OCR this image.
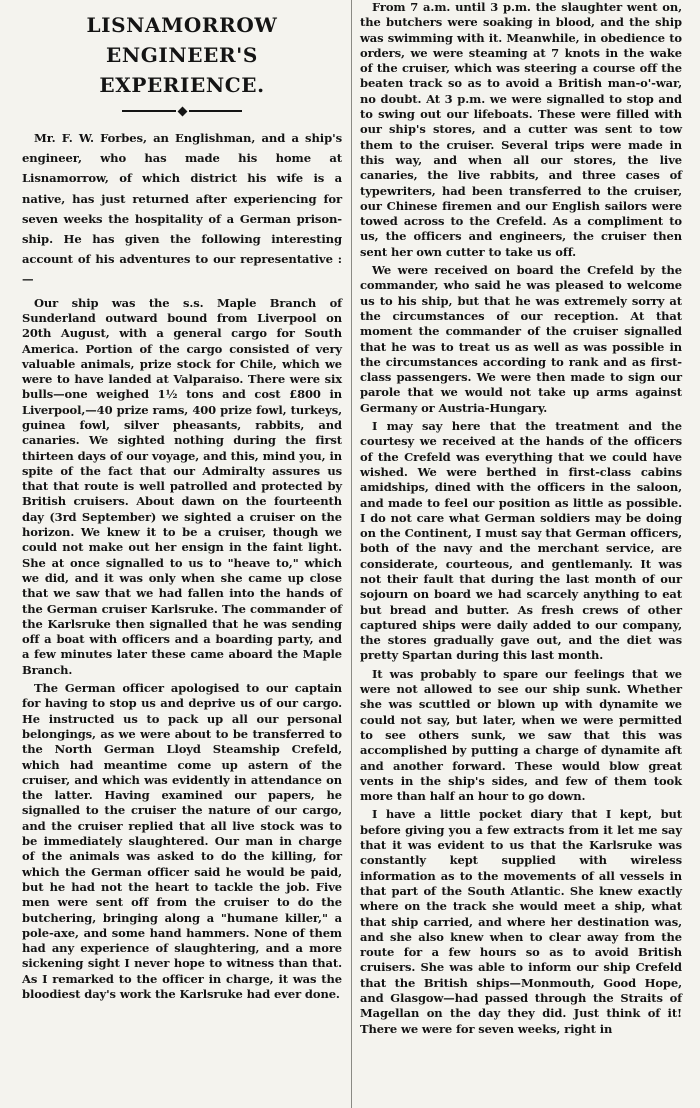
LISNAMORROW ENGINEER'S EXPERIENCE.

Mr. F. W. Forbes, an Englishman, and a ship's engineer, who has made his home at Lisnamorrow, of which district his wife is a native, has just returned after experiencing for seven weeks the hospitality of a German prison-ship. He has given the following interesting account of his adventures to our representative :—

Our ship was the s.s. Maple Branch of Sunderland outward bound from Liverpool on 20th August, with a general cargo for South America. Portion of the cargo consisted of very valuable animals, prize stock for Chile, which we were to have landed at Valparaiso. There were six bulls—one weighed 1½ tons and cost £800 in Liverpool,—40 prize rams, 400 prize fowl, turkeys, guinea fowl, silver pheasants, rabbits, and canaries. We sighted nothing during the first thirteen days of our voyage, and this, mind you, in spite of the fact that our Admiralty assures us that that route is well patrolled and protected by British cruisers. About dawn on the fourteenth day (3rd September) we sighted a cruiser on the horizon. We knew it to be a cruiser, though we could not make out her ensign in the faint light. She at once signalled to us to "heave to," which we did, and it was only when she came up close that we saw that we had fallen into the hands of the German cruiser Karlsruke. The commander of the Karlsruke then signalled that he was sending off a boat with officers and a boarding party, and a few minutes later these came aboard the Maple Branch.

The German officer apologised to our captain for having to stop us and deprive us of our cargo. He instructed us to pack up all our personal belongings, as we were about to be transferred to the North German Lloyd Steamship Crefeld, which had meantime come up astern of the cruiser, and which was evidently in attendance on the latter. Having examined our papers, he signalled to the cruiser the nature of our cargo, and the cruiser replied that all live stock was to be immediately slaughtered. Our man in charge of the animals was asked to do the killing, for which the German officer said he would be paid, but he had not the heart to tackle the job. Five men were sent off from the cruiser to do the butchering, bringing along a "humane killer," a pole-axe, and some hand hammers. None of them had any experience of slaughtering, and a more sickening sight I never hope to witness than that. As I remarked to the officer in charge, it was the bloodiest day's work the Karlsruke had ever done.

From 7 a.m. until 3 p.m. the slaughter went on, the butchers were soaking in blood, and the ship was swimming with it. Meanwhile, in obedience to orders, we were steaming at 7 knots in the wake of the cruiser, which was steering a course off the beaten track so as to avoid a British man-o'-war, no doubt. At 3 p.m. we were signalled to stop and to swing out our lifeboats. These were filled with our ship's stores, and a cutter was sent to tow them to the cruiser. Several trips were made in this way, and when all our stores, the live canaries, the live rabbits, and three cases of typewriters, had been transferred to the cruiser, our Chinese firemen and our English sailors were towed across to the Crefeld. As a compliment to us, the officers and engineers, the cruiser then sent her own cutter to take us off.

We were received on board the Crefeld by the commander, who said he was pleased to welcome us to his ship, but that he was extremely sorry at the circumstances of our reception. At that moment the commander of the cruiser signalled that he was to treat us as well as was possible in the circumstances according to rank and as first-class passengers. We were then made to sign our parole that we would not take up arms against Germany or Austria-Hungary.

I may say here that the treatment and the courtesy we received at the hands of the officers of the Crefeld was everything that we could have wished. We were berthed in first-class cabins amidships, dined with the officers in the saloon, and made to feel our position as little as possible. I do not care what German soldiers may be doing on the Continent, I must say that German officers, both of the navy and the merchant service, are considerate, courteous, and gentlemanly. It was not their fault that during the last month of our sojourn on board we had scarcely anything to eat but bread and butter. As fresh crews of other captured ships were daily added to our company, the stores gradually gave out, and the diet was pretty Spartan during this last month.

It was probably to spare our feelings that we were not allowed to see our ship sunk. Whether she was scuttled or blown up with dynamite we could not say, but later, when we were permitted to see others sunk, we saw that this was accomplished by putting a charge of dynamite aft and another forward. These would blow great vents in the ship's sides, and few of them took more than half an hour to go down.

I have a little pocket diary that I kept, but before giving you a few extracts from it let me say that it was evident to us that the Karlsruke was constantly kept supplied with wireless information as to the movements of all vessels in that part of the South Atlantic. She knew exactly where on the track she would meet a ship, what that ship carried, and where her destination was, and she also knew when to clear away from the route for a few hours so as to avoid British cruisers. She was able to inform our ship Crefeld that the British ships—Monmouth, Good Hope, and Glasgow—had passed through the Straits of Magellan on the day they did. Just think of it! There we were for seven weeks, right in
